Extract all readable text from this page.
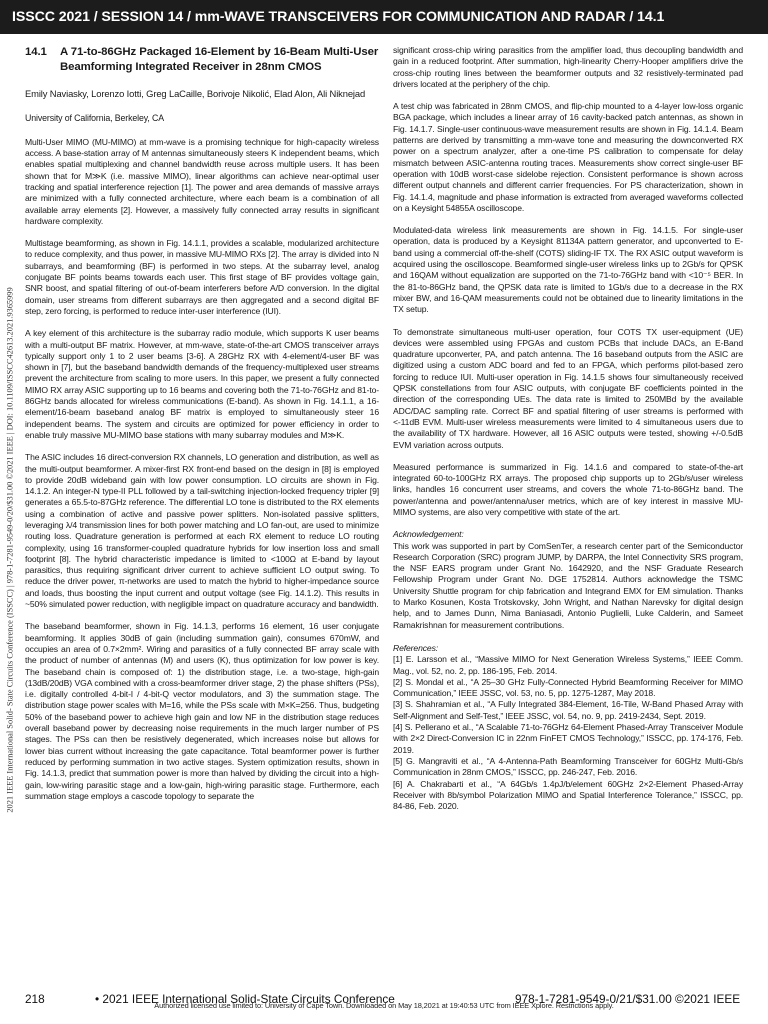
ISSCC 2021 / SESSION 14 / mm-WAVE TRANSCEIVERS FOR COMMUNICATION AND RADAR / 14.1
2021 IEEE International Solid- State Circuits Conference (ISSCC) | 978-1-7281-9549-0/20/$31.00 ©2021 IEEE | DOI: 10.1109/ISSCC42613.2021.9365999
14.1	A 71-to-86GHz Packaged 16-Element by 16-Beam Multi-User Beamforming Integrated Receiver in 28nm CMOS
Emily Naviasky, Lorenzo Iotti, Greg LaCaille, Borivoje Nikolić, Elad Alon, Ali Niknejad
University of California, Berkeley, CA

Multi-User MIMO (MU-MIMO) at mm-wave is a promising technique for high-capacity wireless access. A base-station array of M antennas simultaneously steers K independent beams, which enables spatial multiplexing and channel bandwidth reuse across multiple users. It has been shown that for M≫K (i.e. massive MIMO), linear algorithms can achieve near-optimal user tracking and spatial interference rejection [1]. The power and area demands of massive arrays are minimized with a fully connected architecture, where each beam is a combination of all available array elements [2]. However, a massively fully connected array results in significant hardware complexity.

Multistage beamforming, as shown in Fig. 14.1.1, provides a scalable, modularized architecture to reduce complexity, and thus power, in massive MU-MIMO RXs [2]. The array is divided into N subarrays, and beamforming (BF) is performed in two steps. At the subarray level, analog conjugate BF points beams towards each user. This first stage of BF provides voltage gain, SNR boost, and spatial filtering of out-of-beam interferers before A/D conversion. In the digital domain, user streams from different subarrays are then aggregated and a second digital BF step, zero forcing, is performed to reduce inter-user interference (IUI).

A key element of this architecture is the subarray radio module, which supports K user beams with a multi-output BF matrix. However, at mm-wave, state-of-the-art CMOS transceiver arrays typically support only 1 to 2 user beams [3-6]. A 28GHz RX with 4-element/4-user BF was shown in [7], but the baseband bandwidth demands of the frequency-multiplexed user streams prevent the architecture from scaling to more users. In this paper, we present a fully connected MIMO RX array ASIC supporting up to 16 beams and covering both the 71-to-76GHz and 81-to-86GHz bands allocated for wireless communications (E-band). As shown in Fig. 14.1.1, a 16-element/16-beam baseband analog BF matrix is employed to simultaneously steer 16 independent beams. The system and circuits are optimized for power efficiency in order to enable truly massive MU-MIMO base stations with many subarray modules and M≫K.

The ASIC includes 16 direct-conversion RX channels, LO generation and distribution, as well as the multi-output beamformer. A mixer-first RX front-end based on the design in [8] is employed to provide 20dB wideband gain with low power consumption. LO circuits are shown in Fig. 14.1.2. An integer-N type-II PLL followed by a tail-switching injection-locked frequency tripler [9] generates a 65.5-to-87GHz reference. The differential LO tone is distributed to the RX elements using a combination of active and passive power splitters. Non-isolated passive splitters, leveraging λ/4 transmission lines for both power matching and LO fan-out, are used to minimize routing loss. Quadrature generation is performed at each RX element to reduce LO routing complexity, using 16 transformer-coupled quadrature hybrids for low insertion loss and small footprint [8]. The hybrid characteristic impedance is limited to <100Ω at E-band by layout parasitics, thus requiring significant driver current to achieve sufficient LO output swing. To reduce the driver power, π-networks are used to match the hybrid to higher-impedance source and loads, thus boosting the input current and output voltage (see Fig. 14.1.2). This results in ~50% simulated power reduction, with negligible impact on quadrature accuracy and bandwidth.

The baseband beamformer, shown in Fig. 14.1.3, performs 16 element, 16 user conjugate beamforming. It applies 30dB of gain (including summation gain), consumes 670mW, and occupies an area of 0.7×2mm². Wiring and parasitics of a fully connected BF array scale with the product of number of antennas (M) and users (K), thus optimization for low power is key. The baseband chain is composed of: 1) the distribution stage, i.e. a two-stage, high-gain (13dB/20dB) VGA combined with a cross-beamformer driver stage, 2) the phase shifters (PSs), i.e. digitally controlled 4-bit-I / 4-bit-Q vector modulators, and 3) the summation stage. The distribution stage power scales with M=16, while the PSs scale with M×K=256. Thus, budgeting 50% of the baseband power to achieve high gain and low NF in the distribution stage reduces overall baseband power by decreasing noise requirements in the much larger number of PS stages. The PSs can then be resistively degenerated, which increases noise but allows for lower bias current without increasing the gate capacitance. Total beamformer power is further reduced by performing summation in two active stages. System optimization results, shown in Fig. 14.1.3, predict that summation power is more than halved by dividing the circuit into a high-gain, low-wiring parasitic stage and a low-gain, high-wiring parasitic stage. Furthermore, each summation stage employs a cascode topology to separate the

significant cross-chip wiring parasitics from the amplifier load, thus decoupling bandwidth and gain in a reduced footprint. After summation, high-linearity Cherry-Hooper amplifiers drive the cross-chip routing lines between the beamformer outputs and 32 resistively-terminated pad drivers located at the periphery of the chip.

A test chip was fabricated in 28nm CMOS, and flip-chip mounted to a 4-layer low-loss organic BGA package, which includes a linear array of 16 cavity-backed patch antennas, as shown in Fig. 14.1.7. Single-user continuous-wave measurement results are shown in Fig. 14.1.4. Beam patterns are derived by transmitting a mm-wave tone and measuring the downconverted RX power on a spectrum analyzer, after a one-time PS calibration to compensate for delay mismatch between ASIC-antenna routing traces. Measurements show correct single-user BF operation with 10dB worst-case sidelobe rejection. Consistent performance is shown across different output channels and different carrier frequencies. For PS characterization, shown in Fig. 14.1.4, magnitude and phase information is extracted from averaged waveforms collected on a Keysight 54855A oscilloscope.

Modulated-data wireless link measurements are shown in Fig. 14.1.5. For single-user operation, data is produced by a Keysight 81134A pattern generator, and upconverted to E-band using a commercial off-the-shelf (COTS) sliding-IF TX. The RX ASIC output waveform is acquired using the oscilloscope. Beamformed single-user wireless links up to 2Gb/s for QPSK and 16QAM without equalization are supported on the 71-to-76GHz band with <10⁻⁵ BER. In the 81-to-86GHz band, the QPSK data rate is limited to 1Gb/s due to a decrease in the RX mixer BW, and 16-QAM measurements could not be obtained due to linearity limitations in the TX setup.

To demonstrate simultaneous multi-user operation, four COTS TX user-equipment (UE) devices were assembled using FPGAs and custom PCBs that include DACs, an E-Band quadrature upconverter, PA, and patch antenna. The 16 baseband outputs from the ASIC are digitized using a custom ADC board and fed to an FPGA, which performs pilot-based zero forcing to reduce IUI. Multi-user operation in Fig. 14.1.5 shows four simultaneously received QPSK constellations from four ASIC outputs, with conjugate BF coefficients pointed in the direction of the corresponding UEs. The data rate is limited to 250MBd by the available ADC/DAC sampling rate. Correct BF and spatial filtering of user streams is performed with <-11dB EVM. Multi-user wireless measurements were limited to 4 simultaneous users due to the availability of TX hardware. However, all 16 ASIC outputs were tested, showing +/-0.5dB EVM variation across outputs.

Measured performance is summarized in Fig. 14.1.6 and compared to state-of-the-art integrated 60-to-100GHz RX arrays. The proposed chip supports up to 2Gb/s/user wireless links, handles 16 concurrent user streams, and covers the whole 71-to-86GHz band. The power/antenna and power/antenna/user metrics, which are of key interest in massive MU-MIMO systems, are also very competitive with state of the art.

Acknowledgement:

This work was supported in part by ComSenTer, a research center part of the Semiconductor Research Corporation (SRC) program JUMP, by DARPA, the Intel Connectivity SRS program, the NSF EARS program under Grant No. 1642920, and the NSF Graduate Research Fellowship Program under Grant No. DGE 1752814. Authors acknowledge the TSMC University Shuttle program for chip fabrication and Integrand EMX for EM simulation. Thanks to Marko Kosunen, Kosta Trotskovsky, John Wright, and Nathan Narevsky for digital design help, and to James Dunn, Nima Baniasadi, Antonio Puglielli, Luke Calderin, and Sameet Ramakrishnan for measurement contributions.

References:

[1] E. Larsson et al., “Massive MIMO for Next Generation Wireless Systems,” IEEE Comm. Mag., vol. 52, no. 2, pp. 186-195, Feb. 2014.

[2] S. Mondal et al., “A 25–30 GHz Fully-Connected Hybrid Beamforming Receiver for MIMO Communication,” IEEE JSSC, vol. 53, no. 5, pp. 1275-1287, May 2018.

[3] S. Shahramian et al., “A Fully Integrated 384-Element, 16-Tile, W-Band Phased Array with Self-Alignment and Self-Test,” IEEE JSSC, vol. 54, no. 9, pp. 2419-2434, Sept. 2019.

[4] S. Pellerano et al., “A Scalable 71-to-76GHz 64-Element Phased-Array Transceiver Module with 2×2 Direct-Conversion IC in 22nm FinFET CMOS Technology,” ISSCC, pp. 174-176, Feb. 2019.

[5] G. Mangraviti et al., “A 4-Antenna-Path Beamforming Transceiver for 60GHz Multi-Gb/s Communication in 28nm CMOS,” ISSCC, pp. 246-247, Feb. 2016.

[6] A. Chakrabarti et al., “A 64Gb/s 1.4pJ/b/element 60GHz 2×2-Element Phased-Array Receiver with 8b/symbol Polarization MIMO and Spatial Interference Tolerance,” ISSCC, pp. 84-86, Feb. 2020.

218	• 2021 IEEE International Solid-State Circuits Conference	978-1-7281-9549-0/21/$31.00 ©2021 IEEE
Authorized licensed use limited to: University of Cape Town. Downloaded on May 18,2021 at 19:40:53 UTC from IEEE Xplore. Restrictions apply.
